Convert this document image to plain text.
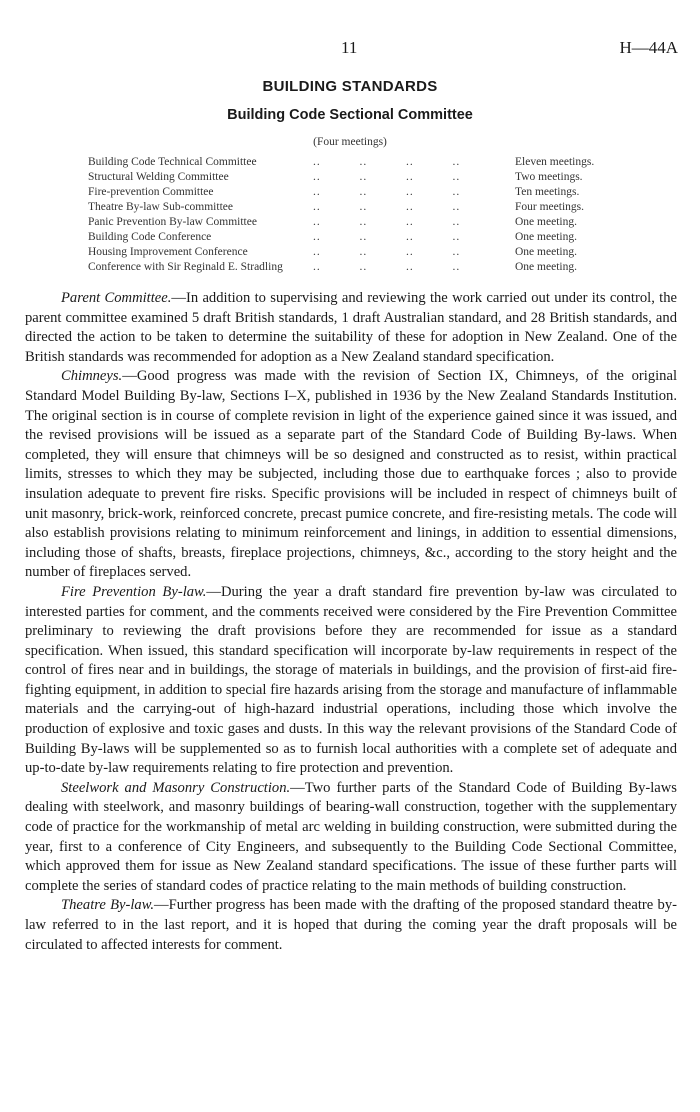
11	H—44A
BUILDING STANDARDS
Building Code Sectional Committee
(Four meetings)
Building Code Technical Committee	..          ..          ..          ..	Eleven meetings.
Structural Welding Committee	..          ..          ..          ..	Two meetings.
Fire-prevention Committee	..          ..          ..          ..	Ten meetings.
Theatre By-law Sub-committee	..          ..          ..          ..	Four meetings.
Panic Prevention By-law Committee	..          ..          ..          ..	One meeting.
Building Code Conference	..          ..          ..          ..	One meeting.
Housing Improvement Conference	..          ..          ..          ..	One meeting.
Conference with Sir Reginald E. Stradling	..          ..          ..          ..	One meeting.

Parent Committee.—In addition to supervising and reviewing the work carried out under its control, the parent committee examined 5 draft British standards, 1 draft Australian standard, and 28 British standards, and directed the action to be taken to determine the suitability of these for adoption in New Zealand. One of the British standards was recommended for adoption as a New Zealand standard specification.

Chimneys.—Good progress was made with the revision of Section IX, Chimneys, of the original Standard Model Building By-law, Sections I–X, published in 1936 by the New Zealand Standards Institution. The original section is in course of complete revision in light of the experience gained since it was issued, and the revised provisions will be issued as a separate part of the Standard Code of Building By-laws. When completed, they will ensure that chimneys will be so designed and constructed as to resist, within practical limits, stresses to which they may be subjected, including those due to earthquake forces ; also to provide insulation adequate to prevent fire risks. Specific provisions will be included in respect of chimneys built of unit masonry, brick-work, reinforced concrete, precast pumice concrete, and fire-resisting metals. The code will also establish provisions relating to minimum reinforcement and linings, in addition to essential dimensions, including those of shafts, breasts, fireplace projections, chimneys, &c., according to the story height and the number of fireplaces served.

Fire Prevention By-law.—During the year a draft standard fire prevention by-law was circulated to interested parties for comment, and the comments received were considered by the Fire Prevention Committee preliminary to reviewing the draft provisions before they are recommended for issue as a standard specification. When issued, this standard specification will incorporate by-law requirements in respect of the control of fires near and in buildings, the storage of materials in buildings, and the provision of first-aid fire-fighting equipment, in addition to special fire hazards arising from the storage and manufacture of inflammable materials and the carrying-out of high-hazard industrial operations, including those which involve the production of explosive and toxic gases and dusts. In this way the relevant provisions of the Standard Code of Building By-laws will be supplemented so as to furnish local authorities with a complete set of adequate and up-to-date by-law requirements relating to fire protection and prevention.

Steelwork and Masonry Construction.—Two further parts of the Standard Code of Building By-laws dealing with steelwork, and masonry buildings of bearing-wall construction, together with the supplementary code of practice for the workmanship of metal arc welding in building construction, were submitted during the year, first to a conference of City Engineers, and subsequently to the Building Code Sectional Committee, which approved them for issue as New Zealand standard specifications. The issue of these further parts will complete the series of standard codes of practice relating to the main methods of building construction.

Theatre By-law.—Further progress has been made with the drafting of the proposed standard theatre by-law referred to in the last report, and it is hoped that during the coming year the draft proposals will be circulated to affected interests for comment.
